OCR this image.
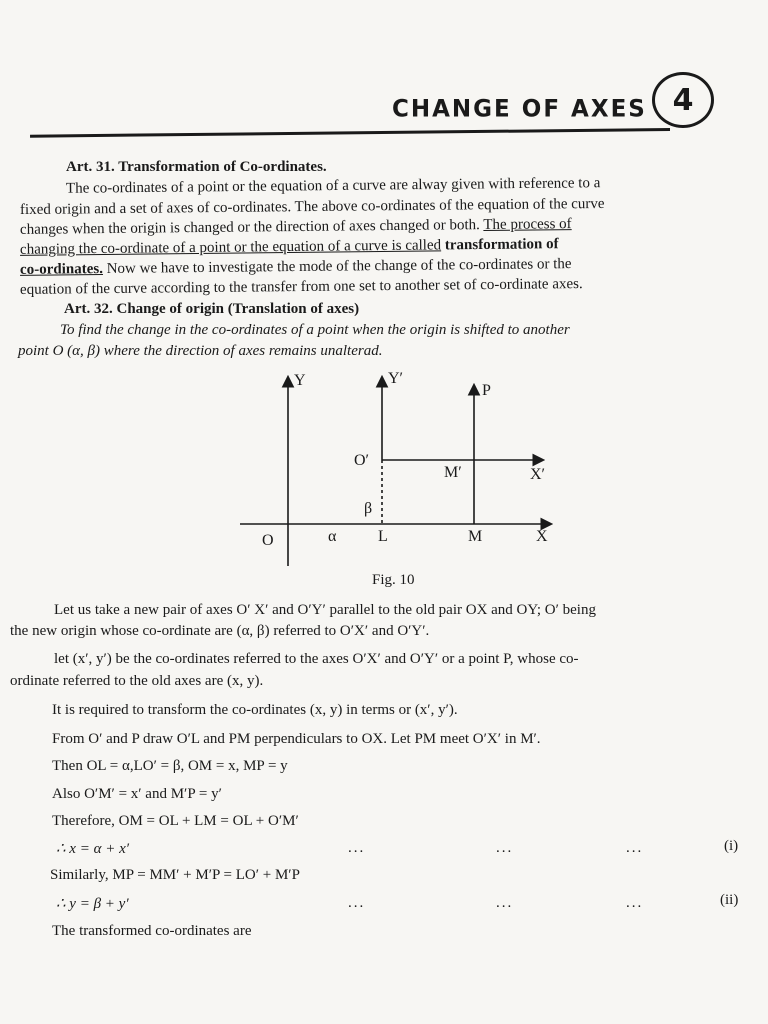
CHANGE OF AXES 4
Art. 31. Transformation of Co-ordinates.
The co-ordinates of a point or the equation of a curve are alway given with reference to a
fixed origin and a set of axes of co-ordinates. The above co-ordinates of the equation of the curve
changes when the origin is changed or the direction of axes changed or both. The process of
changing the co-ordinate of a point or the equation of a curve is called transformation of
co-ordinates. Now we have to investigate the mode of the change of the co-ordinates or the
equation of the curve according to the transfer from one set to another set of co-ordinate axes.
Art. 32. Change of origin (Translation of axes)
To find the change in the co-ordinates of a point when the origin is shifted to another
point O (α, β) where the direction of axes remains unalterad.
Y	Y′
P
O′
M′	X′
β
O	α	L	M	X
Fig. 10
Let us take a new pair of axes O′ X′ and O′Y′ parallel to the old pair OX and OY; O′ being
the new origin whose co-ordinate are (α, β) referred to O′X′ and O′Y′.
let (x′, y′) be the co-ordinates referred to the axes O′X′ and O′Y′ or a point P, whose co-
ordinate referred to the old axes are (x, y).
It is required to transform the co-ordinates (x, y) in terms or (x′, y′).
From O′ and P draw O′L and PM perpendiculars to OX. Let PM meet O′X′ in M′.
Then OL = α,LO′ = β, OM = x, MP = y
Also O′M′ = x′ and M′P = y′
Therefore, OM = OL + LM = OL + O′M′
∴ x = α + x′	...	...	...	(i)
Similarly, MP = MM′ + M′P = LO′ + M′P
∴ y = β + y′	...	...	...	(ii)
The transformed co-ordinates are
